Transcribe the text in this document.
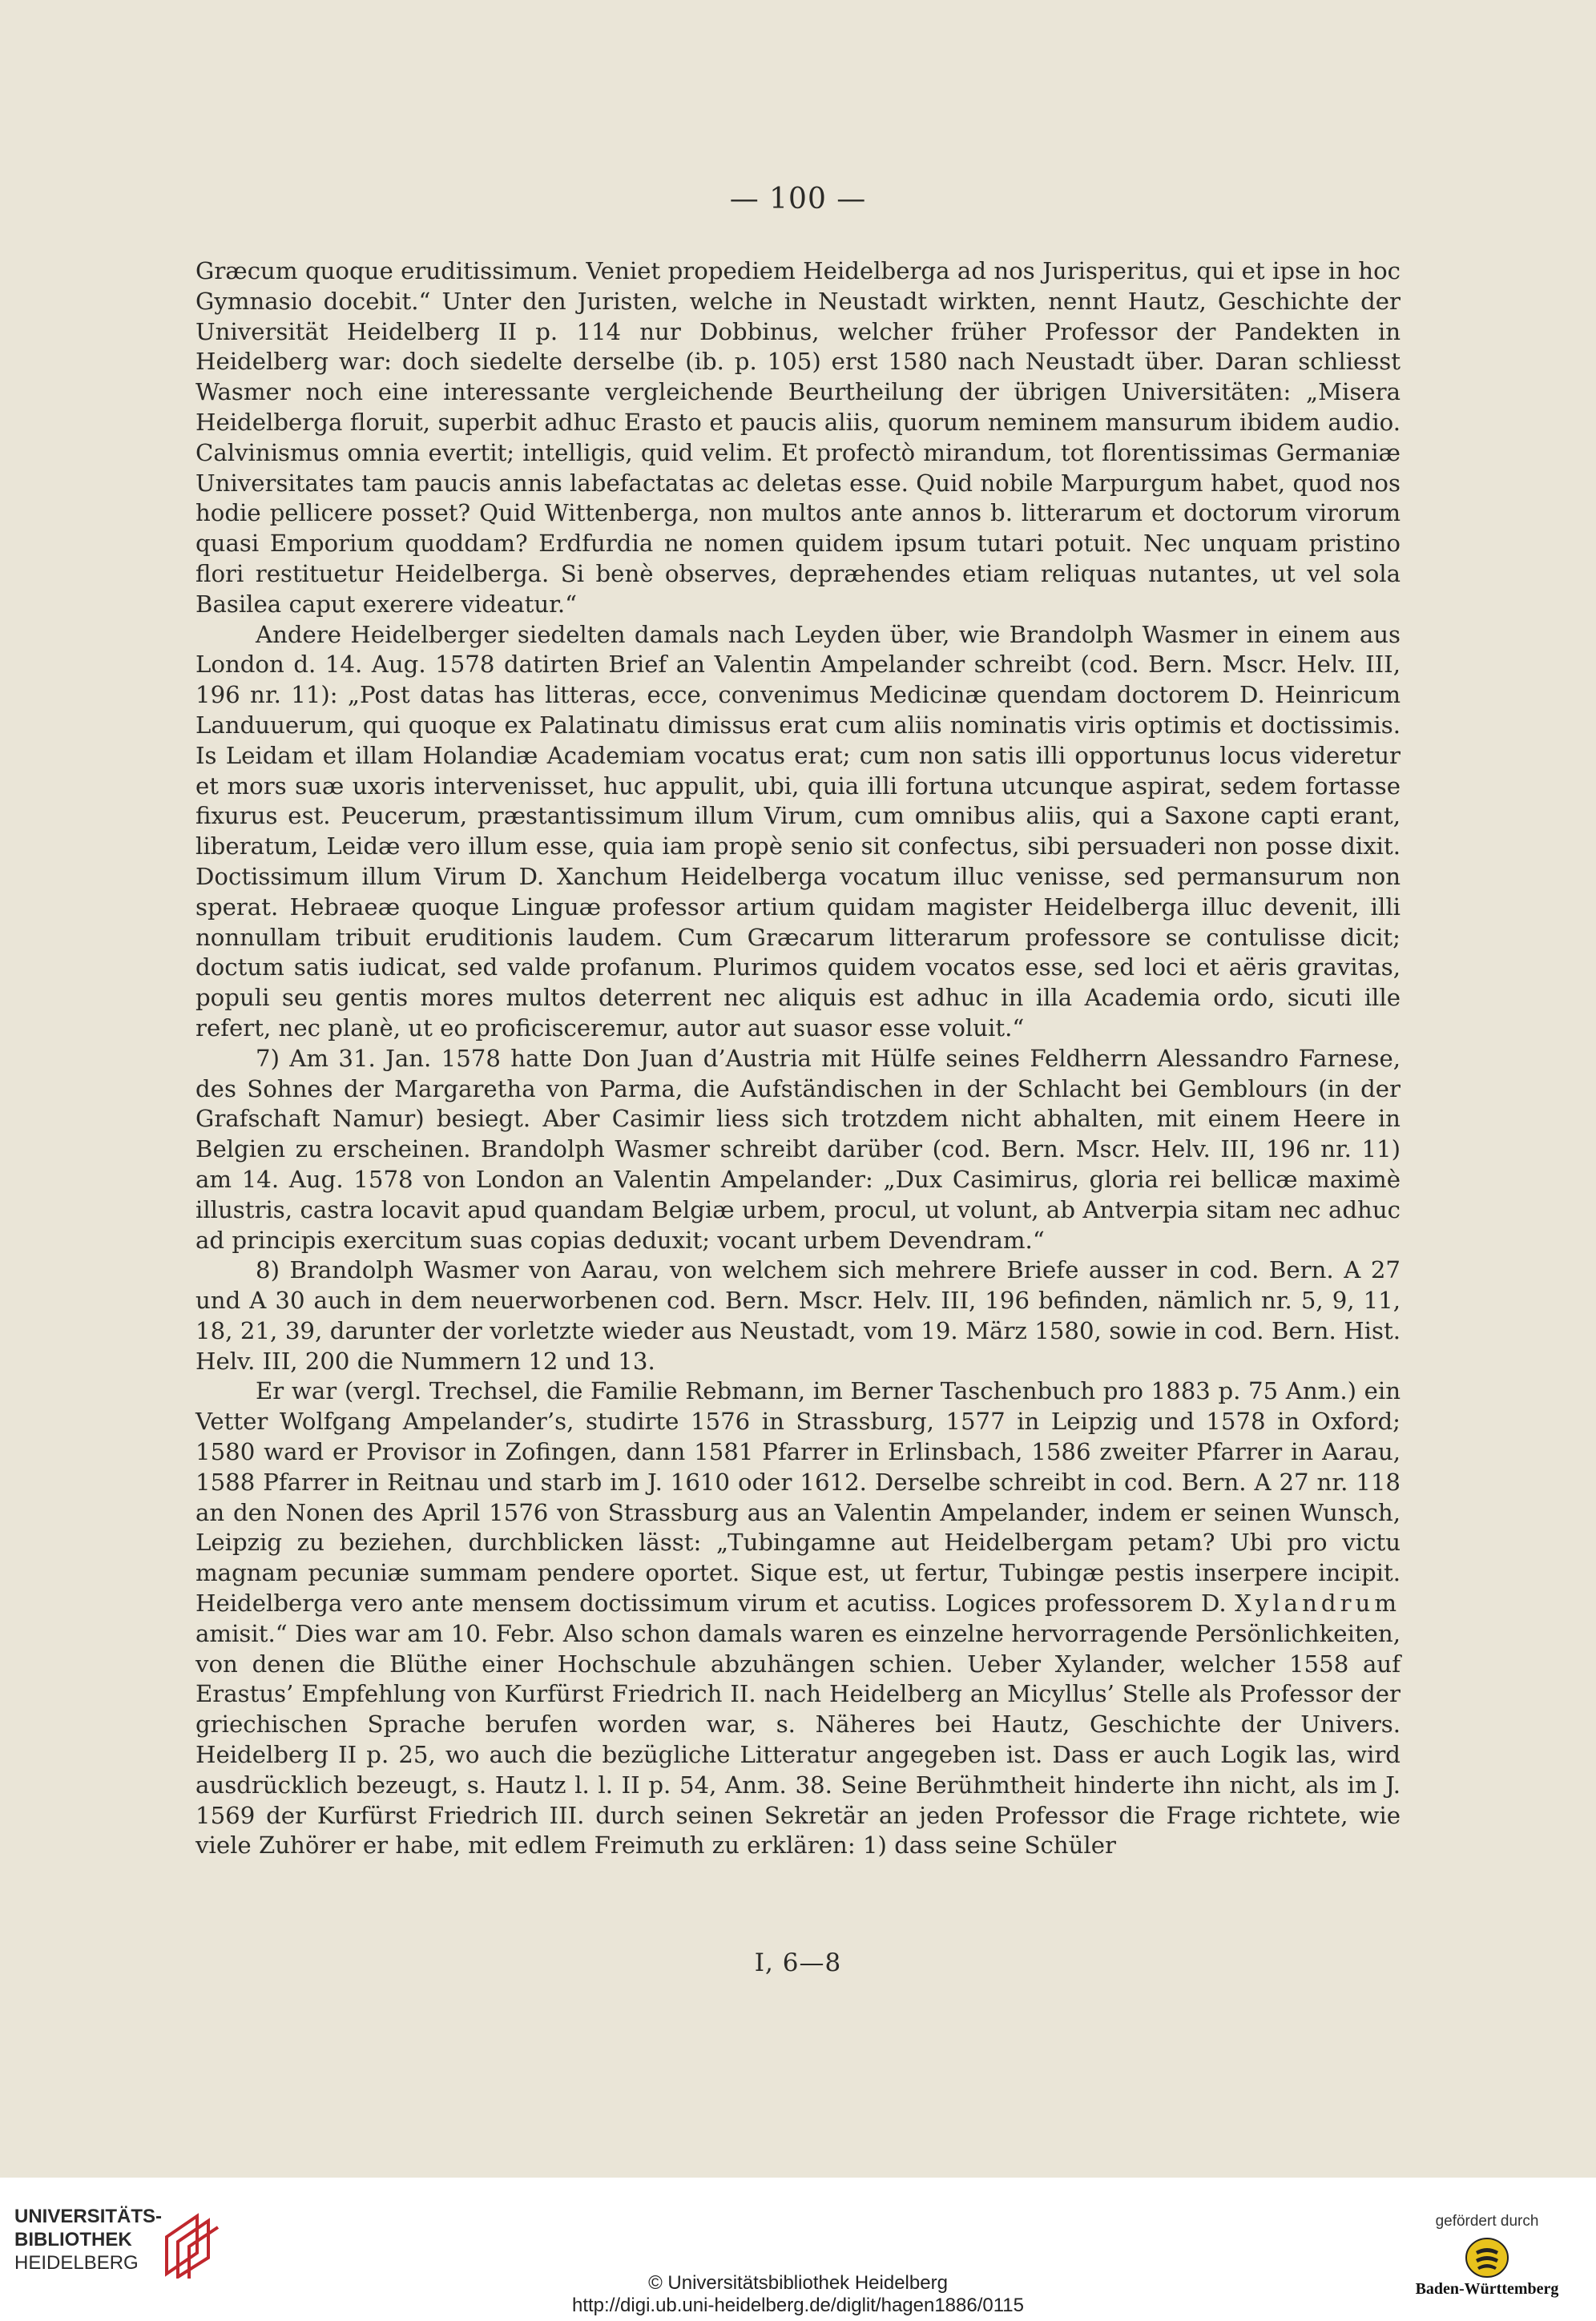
— 100 —

Græcum quoque eruditissimum. Veniet propediem Heidelberga ad nos Jurisperitus, qui et ipse in hoc Gymnasio docebit.“ Unter den Juristen, welche in Neustadt wirkten, nennt Hautz, Geschichte der Universität Heidelberg II p. 114 nur Dobbinus, welcher früher Professor der Pandekten in Heidelberg war: doch siedelte derselbe (ib. p. 105) erst 1580 nach Neustadt über. Daran schliesst Wasmer noch eine interessante vergleichende Beurtheilung der übrigen Universitäten: „Misera Heidelberga floruit, superbit adhuc Erasto et paucis aliis, quorum neminem mansurum ibidem audio. Calvinismus omnia evertit; intelligis, quid velim. Et profectò mirandum, tot florentissimas Germaniæ Universitates tam paucis annis labefactatas ac deletas esse. Quid nobile Marpurgum habet, quod nos hodie pellicere posset? Quid Wittenberga, non multos ante annos b. litterarum et doctorum virorum quasi Emporium quoddam? Erdfurdia ne nomen quidem ipsum tutari potuit. Nec unquam pristino flori restituetur Heidelberga. Si benè observes, depræhendes etiam reliquas nutantes, ut vel sola Basilea caput exerere videatur.“

Andere Heidelberger siedelten damals nach Leyden über, wie Brandolph Wasmer in einem aus London d. 14. Aug. 1578 datirten Brief an Valentin Ampelander schreibt (cod. Bern. Mscr. Helv. III, 196 nr. 11): „Post datas has litteras, ecce, convenimus Medicinæ quendam doctorem D. Heinricum Landuuerum, qui quoque ex Palatinatu dimissus erat cum aliis nominatis viris optimis et doctissimis. Is Leidam et illam Holandiæ Academiam vocatus erat; cum non satis illi opportunus locus videretur et mors suæ uxoris intervenisset, huc appulit, ubi, quia illi fortuna utcunque aspirat, sedem fortasse fixurus est. Peucerum, præstantissimum illum Virum, cum omnibus aliis, qui a Saxone capti erant, liberatum, Leidæ vero illum esse, quia iam propè senio sit confectus, sibi persuaderi non posse dixit. Doctissimum illum Virum D. Xanchum Heidelberga vocatum illuc venisse, sed permansurum non sperat. Hebraeæ quoque Linguæ professor artium quidam magister Heidelberga illuc devenit, illi nonnullam tribuit eruditionis laudem. Cum Græcarum litterarum professore se contulisse dicit; doctum satis iudicat, sed valde profanum. Plurimos quidem vocatos esse, sed loci et aëris gravitas, populi seu gentis mores multos deterrent nec aliquis est adhuc in illa Academia ordo, sicuti ille refert, nec planè, ut eo proficisceremur, autor aut suasor esse voluit.“

7) Am 31. Jan. 1578 hatte Don Juan d’Austria mit Hülfe seines Feldherrn Alessandro Farnese, des Sohnes der Margaretha von Parma, die Aufständischen in der Schlacht bei Gemblours (in der Grafschaft Namur) besiegt. Aber Casimir liess sich trotzdem nicht abhalten, mit einem Heere in Belgien zu erscheinen. Brandolph Wasmer schreibt darüber (cod. Bern. Mscr. Helv. III, 196 nr. 11) am 14. Aug. 1578 von London an Valentin Ampelander: „Dux Casimirus, gloria rei bellicæ maximè illustris, castra locavit apud quandam Belgiæ urbem, procul, ut volunt, ab Antverpia sitam nec adhuc ad principis exercitum suas copias deduxit; vocant urbem Devendram.“

8) Brandolph Wasmer von Aarau, von welchem sich mehrere Briefe ausser in cod. Bern. A 27 und A 30 auch in dem neuerworbenen cod. Bern. Mscr. Helv. III, 196 befinden, nämlich nr. 5, 9, 11, 18, 21, 39, darunter der vorletzte wieder aus Neustadt, vom 19. März 1580, sowie in cod. Bern. Hist. Helv. III, 200 die Nummern 12 und 13.

Er war (vergl. Trechsel, die Familie Rebmann, im Berner Taschenbuch pro 1883 p. 75 Anm.) ein Vetter Wolfgang Ampelander’s, studirte 1576 in Strassburg, 1577 in Leipzig und 1578 in Oxford; 1580 ward er Provisor in Zofingen, dann 1581 Pfarrer in Erlinsbach, 1586 zweiter Pfarrer in Aarau, 1588 Pfarrer in Reitnau und starb im J. 1610 oder 1612. Derselbe schreibt in cod. Bern. A 27 nr. 118 an den Nonen des April 1576 von Strassburg aus an Valentin Ampelander, indem er seinen Wunsch, Leipzig zu beziehen, durchblicken lässt: „Tubingamne aut Heidelbergam petam? Ubi pro victu magnam pecuniæ summam pendere oportet. Sique est, ut fertur, Tubingæ pestis inserpere incipit. Heidelberga vero ante mensem doctissimum virum et acutiss. Logices professorem D. Xylandrum amisit.“ Dies war am 10. Febr. Also schon damals waren es einzelne hervorragende Persönlichkeiten, von denen die Blüthe einer Hochschule abzuhängen schien. Ueber Xylander, welcher 1558 auf Erastus’ Empfehlung von Kurfürst Friedrich II. nach Heidelberg an Micyllus’ Stelle als Professor der griechischen Sprache berufen worden war, s. Näheres bei Hautz, Geschichte der Univers. Heidelberg II p. 25, wo auch die bezügliche Litteratur angegeben ist. Dass er auch Logik las, wird ausdrücklich bezeugt, s. Hautz l. l. II p. 54, Anm. 38. Seine Berühmtheit hinderte ihn nicht, als im J. 1569 der Kurfürst Friedrich III. durch seinen Sekretär an jeden Professor die Frage richtete, wie viele Zuhörer er habe, mit edlem Freimuth zu erklären: 1) dass seine Schüler

I, 6—8
UNIVERSITÄTS-
BIBLIOTHEK
HEIDELBERG
© Universitätsbibliothek Heidelberg
http://digi.ub.uni-heidelberg.de/diglit/hagen1886/0115
gefördert durch
Baden-Württemberg
